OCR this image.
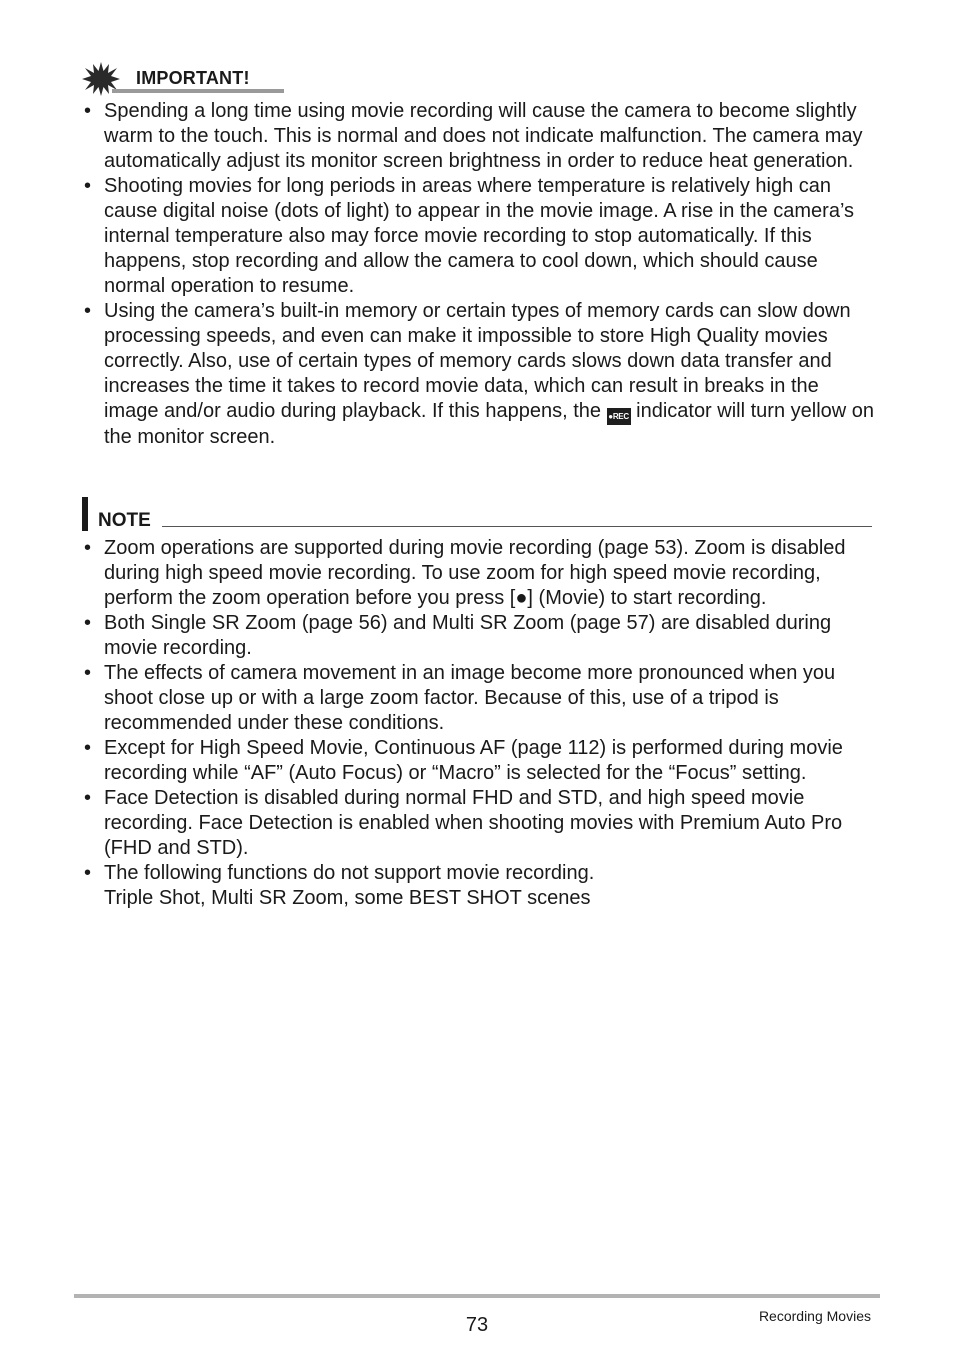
IMPORTANT!
• Spending a long time using movie recording will cause the camera to become slightly warm to the touch. This is normal and does not indicate malfunction. The camera may automatically adjust its monitor screen brightness in order to reduce heat generation.
• Shooting movies for long periods in areas where temperature is relatively high can cause digital noise (dots of light) to appear in the movie image. A rise in the camera’s internal temperature also may force movie recording to stop automatically. If this happens, stop recording and allow the camera to cool down, which should cause normal operation to resume.
• Using the camera’s built-in memory or certain types of memory cards can slow down processing speeds, and even can make it impossible to store High Quality movies correctly. Also, use of certain types of memory cards slows down data transfer and increases the time it takes to record movie data, which can result in breaks in the image and/or audio during playback. If this happens, the ●REC indicator will turn yellow on the monitor screen.
NOTE
• Zoom operations are supported during movie recording (page 53). Zoom is disabled during high speed movie recording. To use zoom for high speed movie recording, perform the zoom operation before you press [●] (Movie) to start recording.
• Both Single SR Zoom (page 56) and Multi SR Zoom (page 57) are disabled during movie recording.
• The effects of camera movement in an image become more pronounced when you shoot close up or with a large zoom factor. Because of this, use of a tripod is recommended under these conditions.
• Except for High Speed Movie, Continuous AF (page 112) is performed during movie recording while “AF” (Auto Focus) or “Macro” is selected for the “Focus” setting.
• Face Detection is disabled during normal FHD and STD, and high speed movie recording. Face Detection is enabled when shooting movies with Premium Auto Pro (FHD and STD).
• The following functions do not support movie recording.
Triple Shot, Multi SR Zoom, some BEST SHOT scenes
73	Recording Movies
